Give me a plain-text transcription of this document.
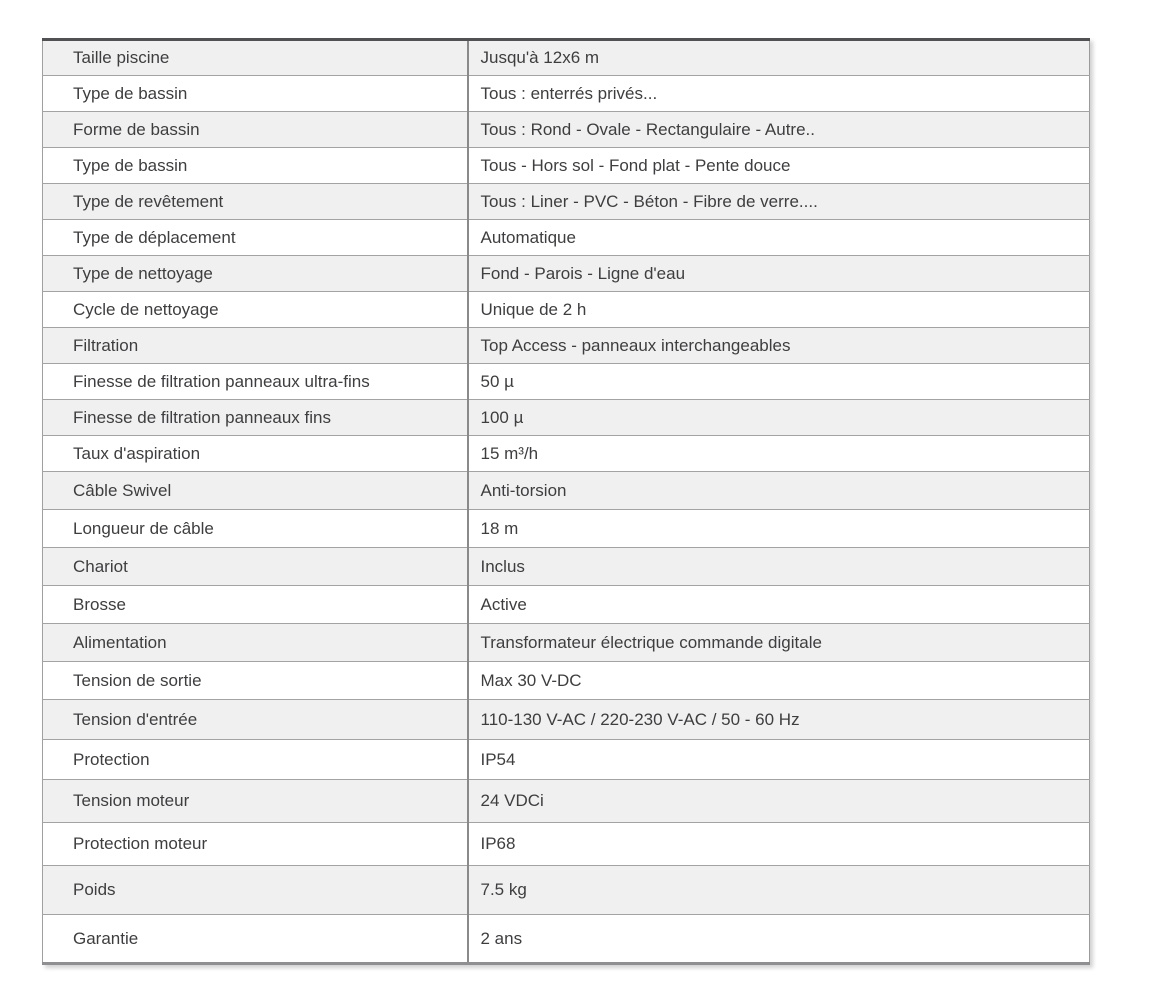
Taille piscine	Jusqu'à 12x6 m
Type de bassin	Tous : enterrés privés...
Forme de bassin	Tous : Rond - Ovale - Rectangulaire - Autre..
Type de bassin	Tous - Hors sol - Fond plat - Pente douce
Type de revêtement	Tous : Liner - PVC - Béton - Fibre de verre....
Type de déplacement	Automatique
Type de nettoyage	Fond - Parois - Ligne d'eau
Cycle de nettoyage	Unique de 2 h
Filtration	Top Access - panneaux interchangeables
Finesse de filtration panneaux ultra-fins	50 µ
Finesse de filtration panneaux fins	100 µ
Taux d'aspiration	15 m³/h
Câble Swivel	Anti-torsion
Longueur de câble	18 m
Chariot	Inclus
Brosse	Active
Alimentation	Transformateur électrique commande digitale
Tension de sortie	Max 30 V-DC
Tension d'entrée	110-130 V-AC / 220-230 V-AC / 50 - 60 Hz
Protection	IP54
Tension moteur	24 VDCi
Protection moteur	IP68
Poids	7.5 kg
Garantie	2 ans
